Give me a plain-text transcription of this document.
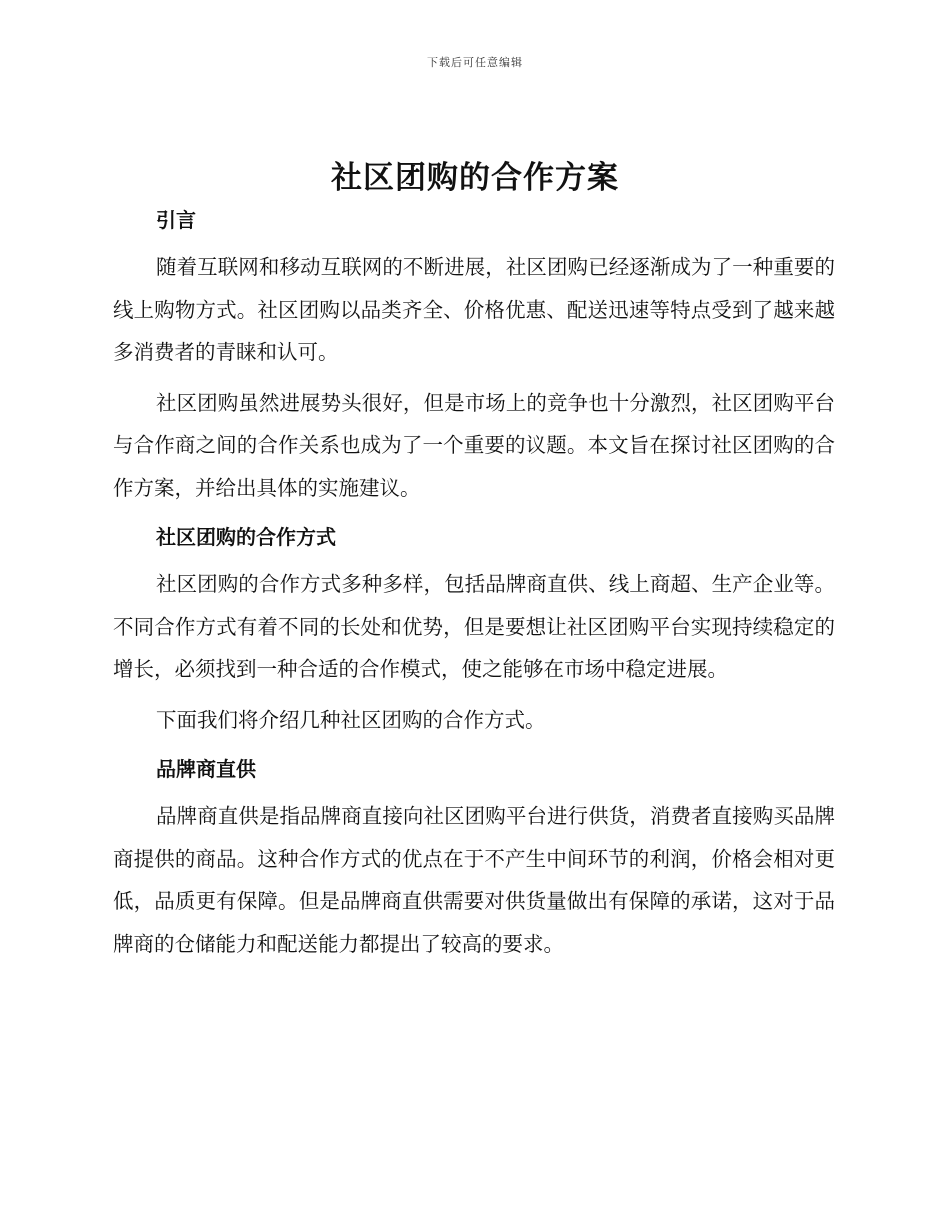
下载后可任意编辑
社区团购的合作方案
引言

随着互联网和移动互联网的不断进展，社区团购已经逐渐成为了一种重要的线上购物方式。社区团购以品类齐全、价格优惠、配送迅速等特点受到了越来越多消费者的青睐和认可。

社区团购虽然进展势头很好，但是市场上的竞争也十分激烈，社区团购平台与合作商之间的合作关系也成为了一个重要的议题。本文旨在探讨社区团购的合作方案，并给出具体的实施建议。

社区团购的合作方式

社区团购的合作方式多种多样，包括品牌商直供、线上商超、生产企业等。不同合作方式有着不同的长处和优势，但是要想让社区团购平台实现持续稳定的增长，必须找到一种合适的合作模式，使之能够在市场中稳定进展。

下面我们将介绍几种社区团购的合作方式。

品牌商直供

品牌商直供是指品牌商直接向社区团购平台进行供货，消费者直接购买品牌商提供的商品。这种合作方式的优点在于不产生中间环节的利润，价格会相对更低，品质更有保障。但是品牌商直供需要对供货量做出有保障的承诺，这对于品牌商的仓储能力和配送能力都提出了较高的要求。
